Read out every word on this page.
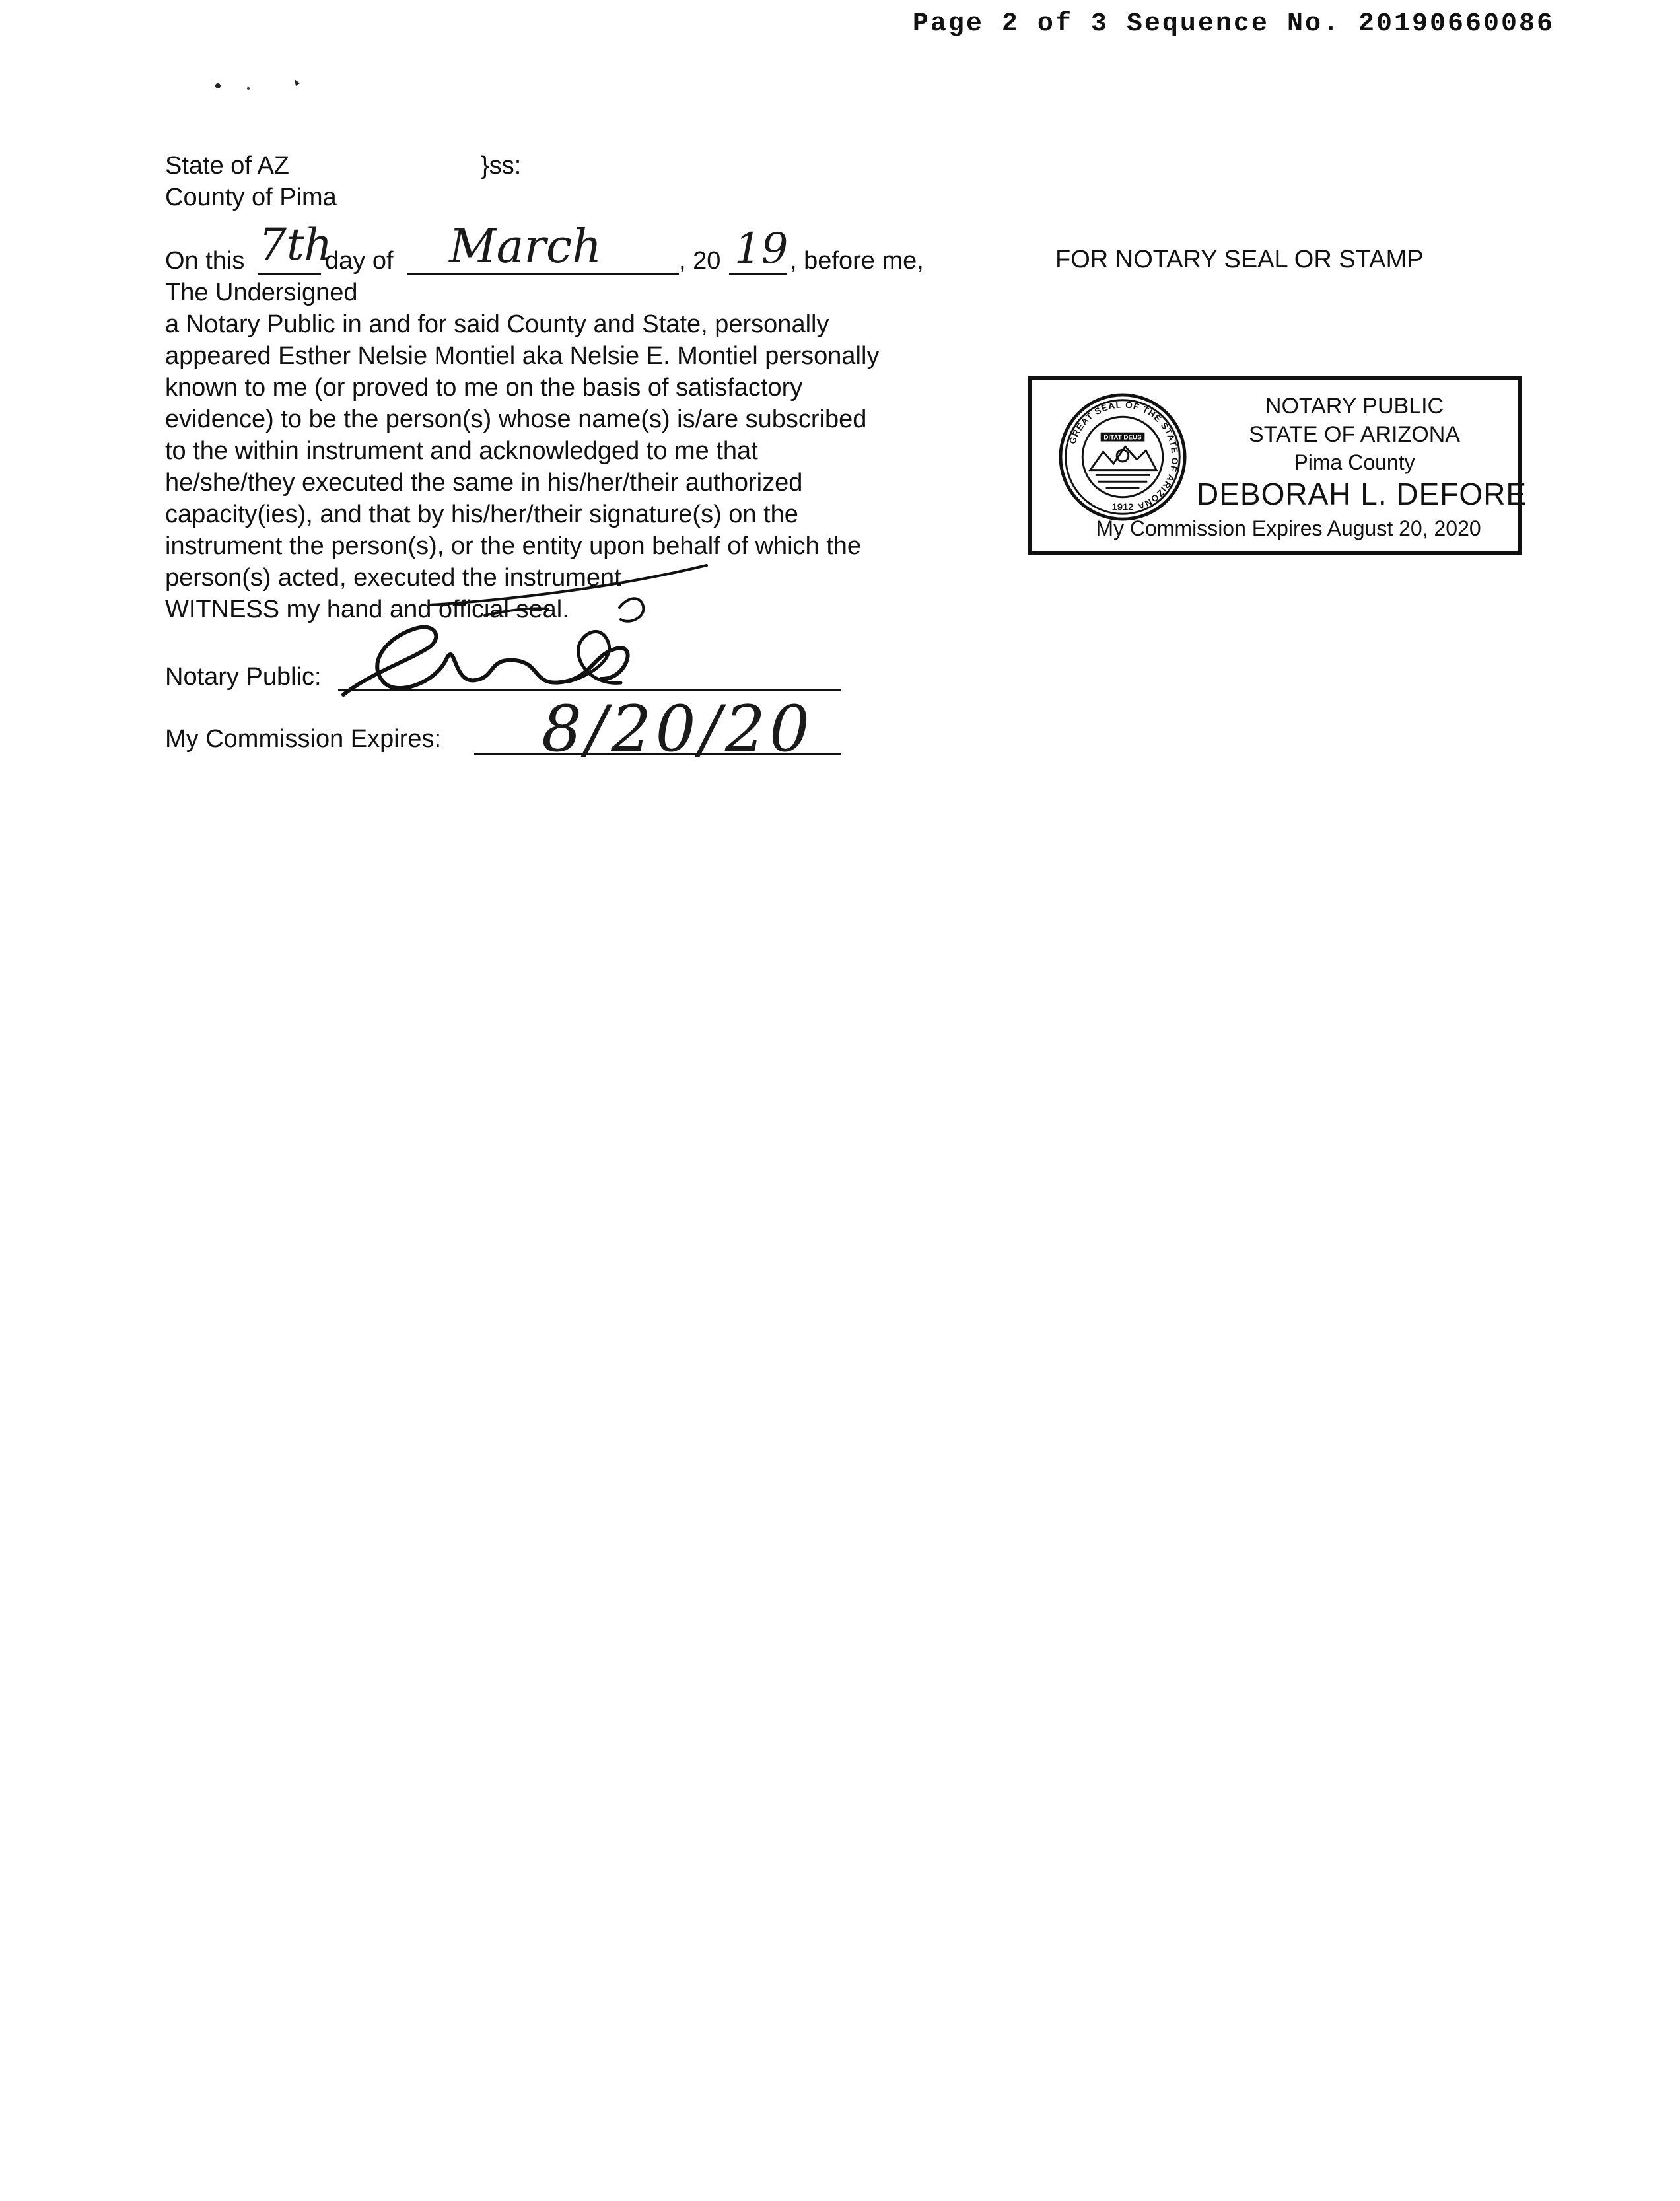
Page 2 of 3 Sequence No. 20190660086
State of AZ	}ss:
County of Pima
On this 7th
day of March	, 20 19 , before me,
The Undersigned
a Notary Public in and for said County and State, personally
appeared Esther Nelsie Montiel aka Nelsie E. Montiel personally
known to me (or proved to me on the basis of satisfactory
evidence) to be the person(s) whose name(s) is/are subscribed
to the within instrument and acknowledged to me that
he/she/they executed the same in his/her/their authorized
capacity(ies), and that by his/her/their signature(s) on the
instrument the person(s), or the entity upon behalf of which the
person(s) acted, executed the instrument
WITNESS my hand and official seal.
Notary Public:
My Commission Expires: 8/20/20
FOR NOTARY SEAL OR STAMP
GREAT SEAL OF THE STATE OF ARIZONA
DITAT DEUS
1912
NOTARY PUBLIC
STATE OF ARIZONA
Pima County
DEBORAH L. DEFORE
My Commission Expires August 20, 2020
